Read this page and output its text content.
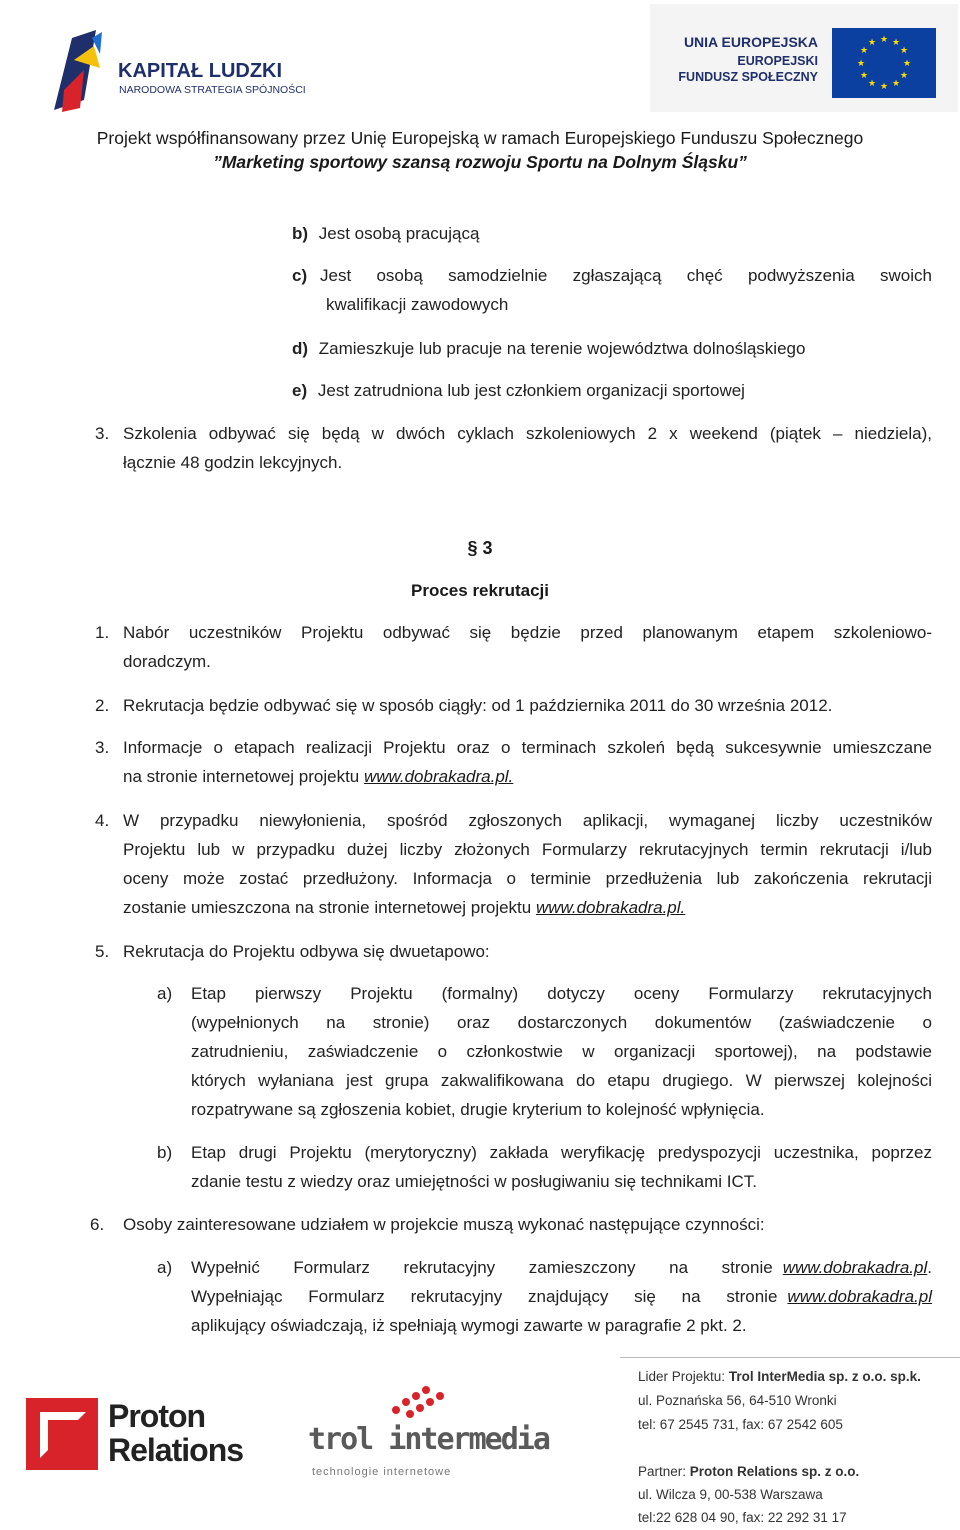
KAPITAŁ LUDZKI
NARODOWA STRATEGIA SPÓJNOŚCI
UNIA EUROPEJSKA
EUROPEJSKI
FUNDUSZ SPOŁECZNY
★ ★
★
★
★
★
★
★
★
★
★
★
Projekt współfinansowany przez Unię Europejską w ramach Europejskiego Funduszu Społecznego
”Marketing sportowy szansą rozwoju Sportu na Dolnym Śląsku”
b) Jest osobą pracującą
c) Jest osobą samodzielnie zgłaszającą chęć podwyższenia swoich
kwalifikacji zawodowych
d) Zamieszkuje lub pracuje na terenie województwa dolnośląskiego
e) Jest zatrudniona lub jest członkiem organizacji sportowej
3. Szkolenia odbywać się będą w dwóch cyklach szkoleniowych 2 x weekend (piątek – niedziela),
łącznie 48 godzin lekcyjnych.
§ 3
Proces rekrutacji
1. Nabór uczestników Projektu odbywać się będzie przed planowanym etapem szkoleniowo-
doradczym.
2. Rekrutacja będzie odbywać się w sposób ciągły: od 1 października 2011 do 30 września 2012.
3. Informacje o etapach realizacji Projektu oraz o terminach szkoleń będą sukcesywnie umieszczane
na stronie internetowej projektu www.dobrakadra.pl.
4. W przypadku niewyłonienia, spośród zgłoszonych aplikacji, wymaganej liczby uczestników
Projektu lub w przypadku dużej liczby złożonych Formularzy rekrutacyjnych termin rekrutacji i/lub
oceny może zostać przedłużony. Informacja o terminie przedłużenia lub zakończenia rekrutacji
zostanie umieszczona na stronie internetowej projektu www.dobrakadra.pl.
5. Rekrutacja do Projektu odbywa się dwuetapowo:
a) Etap pierwszy Projektu (formalny) dotyczy oceny Formularzy rekrutacyjnych
(wypełnionych na stronie) oraz dostarczonych dokumentów (zaświadczenie o
zatrudnieniu, zaświadczenie o członkostwie w organizacji sportowej), na podstawie
których wyłaniana jest grupa zakwalifikowana do etapu drugiego. W pierwszej kolejności
rozpatrywane są zgłoszenia kobiet, drugie kryterium to kolejność wpłynięcia.
b) Etap drugi Projektu (merytoryczny) zakłada weryfikację predyspozycji uczestnika, poprzez
zdanie testu z wiedzy oraz umiejętności w posługiwaniu się technikami ICT.
6. Osoby zainteresowane udziałem w projekcie muszą wykonać następujące czynności:
a) Wypełnić Formularz rekrutacyjny zamieszczony na stronie www.dobrakadra.pl.
Wypełniając Formularz rekrutacyjny znajdujący się na stronie www.dobrakadra.pl
aplikujący oświadczają, iż spełniają wymogi zawarte w paragrafie 2 pkt. 2.
Proton
Relations trol intermedia
technologie internetowe
Lider Projektu: Trol InterMedia sp. z o.o. sp.k.
ul. Poznańska 56, 64-510 Wronki
tel: 67 2545 731, fax: 67 2542 605
Partner: Proton Relations sp. z o.o.
ul. Wilcza 9, 00-538 Warszawa
tel:22 628 04 90, fax: 22 292 31 17
